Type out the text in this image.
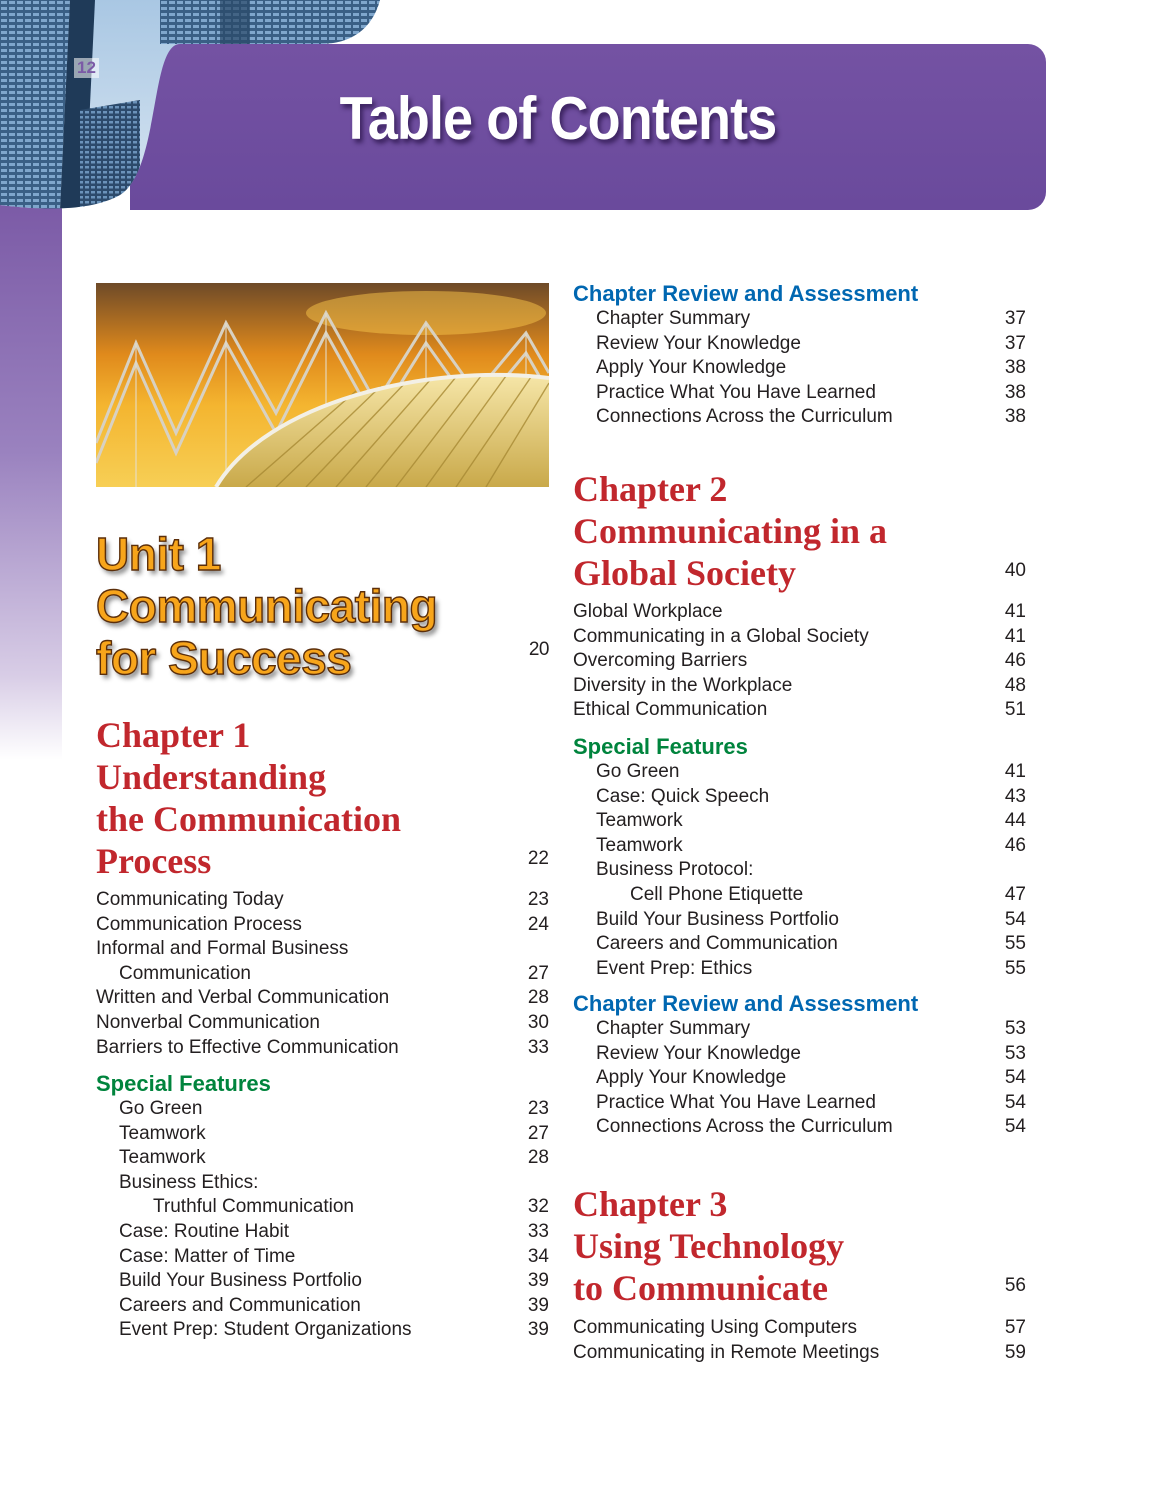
12
Table of Contents
Unit 1
Communicating
for Success	20
Chapter 1
Understanding
the Communication
Process	22
Communicating Today	23
Communication Process	24
Informal and Formal Business
Communication	27
Written and Verbal Communication	28
Nonverbal Communication	30
Barriers to Effective Communication	33
Special Features
Go Green	23
Teamwork	27
Teamwork	28
Business Ethics:
Truthful Communication	32
Case: Routine Habit	33
Case: Matter of Time	34
Build Your Business Portfolio	39
Careers and Communication	39
Event Prep: Student Organizations	39
Chapter Review and Assessment
Chapter Summary	37
Review Your Knowledge	37
Apply Your Knowledge	38
Practice What You Have Learned	38
Connections Across the Curriculum	38
Chapter 2
Communicating in a
Global Society	40
Global Workplace	41
Communicating in a Global Society	41
Overcoming Barriers	46
Diversity in the Workplace	48
Ethical Communication	51
Special Features
Go Green	41
Case: Quick Speech	43
Teamwork	44
Teamwork	46
Business Protocol:
Cell Phone Etiquette	47
Build Your Business Portfolio	54
Careers and Communication	55
Event Prep: Ethics	55
Chapter Review and Assessment
Chapter Summary	53
Review Your Knowledge	53
Apply Your Knowledge	54
Practice What You Have Learned	54
Connections Across the Curriculum	54
Chapter 3
Using Technology
to Communicate	56
Communicating Using Computers	57
Communicating in Remote Meetings	59
